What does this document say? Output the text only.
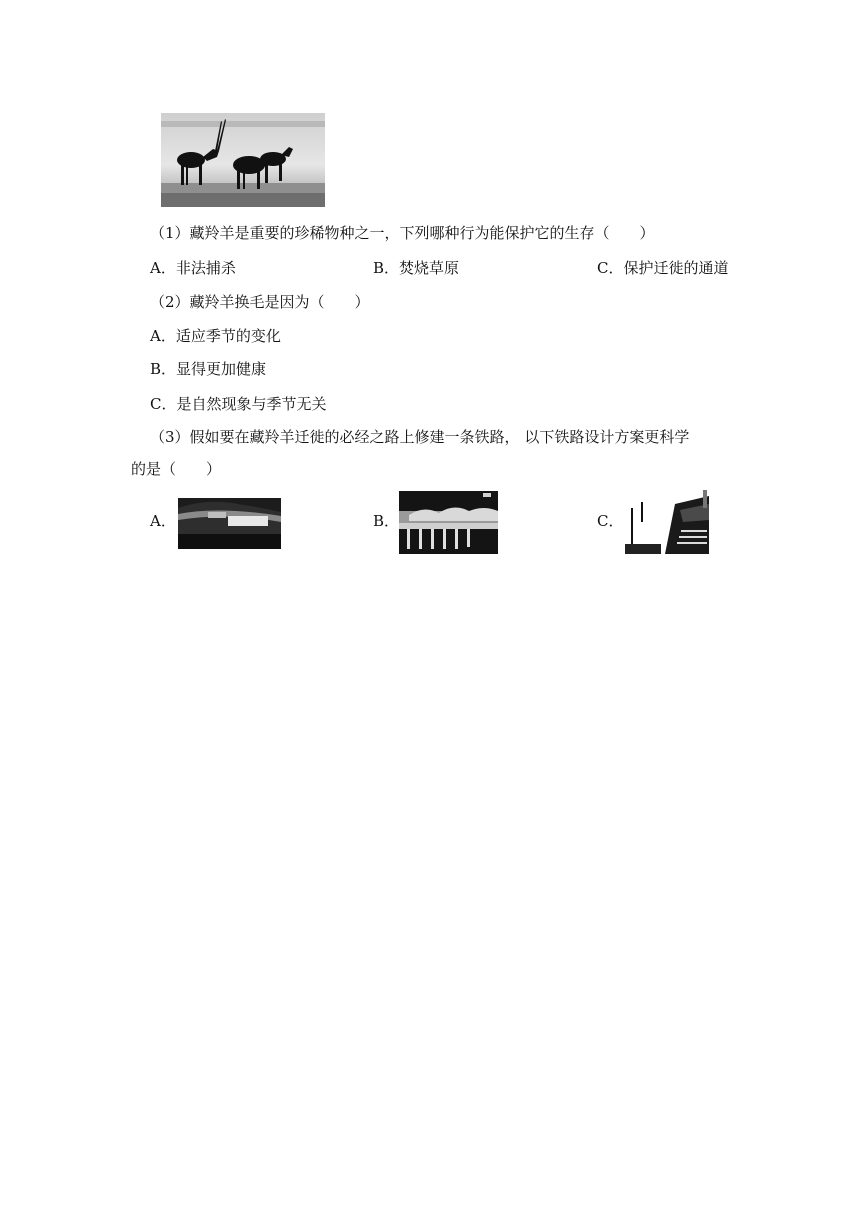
（1）藏羚羊是重要的珍稀物种之一，下列哪种行为能保护它的生存（　　）
A．非法捕杀	B．焚烧草原	C．保护迁徙的通道
（2）藏羚羊换毛是因为（　　）
A．适应季节的变化
B．显得更加健康
C．是自然现象与季节无关
（3）假如要在藏羚羊迁徙的必经之路上修建一条铁路， 以下铁路设计方案更科学
的是（　　）
A．	B．	C．
